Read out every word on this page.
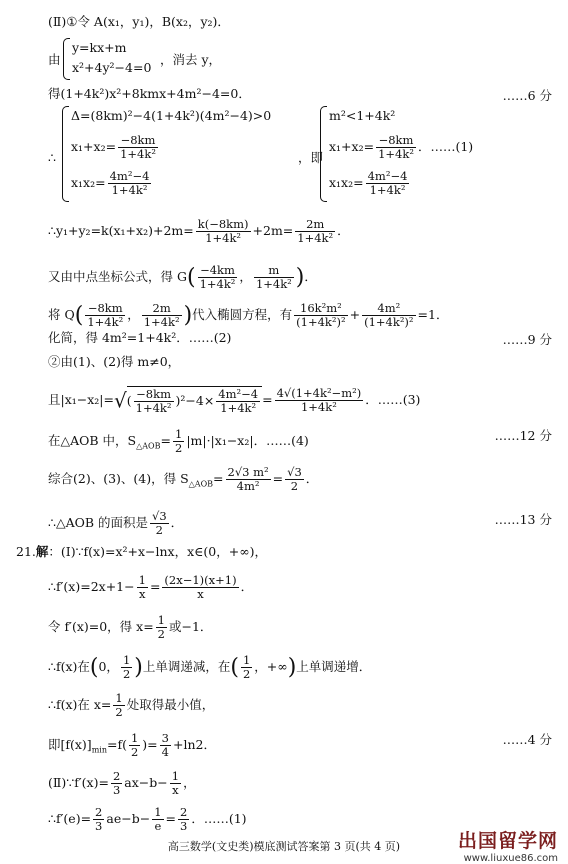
(Ⅱ)①令 A(x₁，y₁)，B(x₂，y₂)．
由
y=kx+m
x²+4y²−4=0
，消去 y，
得(1+4k²)x²+8kmx+4m²−4=0．	……6 分
∴
Δ=(8km)²−4(1+4k²)(4m²−4)>0
$x_1+x_2= \frac{-8km}{\text{1+4k²}}$
$x_1x_2= \frac{\text{4m²−4}}{\text{1+4k²}}$
，即
m²<1+4k²
$x_1+x_2= \frac{-8km}{\text{1+4k²}}$ ．……(1)
$x_1x_2= \frac{\text{4m²−4}}{\text{1+4k²}}$
∴y₁+y₂=k(x₁+x₂)+2m= $\frac{k(-8km)}{\text{1+4k²}} +2m= \frac{2m}{\text{1+4k²}}$ ．
又由中点坐标公式，得 $G( \frac{-4km}{\text{1+4k²}}$ ， $\frac{m}{\text{1+4k²}}$ )．
将 $Q( \frac{-8km}{\text{1+4k²}}$ ， $\frac{2m}{\text{1+4k²}}$ )代入椭圆方程，有 $\frac{\text{16k²m²}}{\text{(1+4k²)²}} + \frac{\text{4m²}}{\text{(1+4k²)²}} =1$．
化简，得 4m²=1+4k²．……(2)	……9 分
②由(1)、(2)得 m≠0，
且$|x_1-x_2|=√( \frac{-8km}{\text{1+4k²}} )^2-4\times \frac{\text{4m²−4}}{\text{1+4k²}} = \frac{\text{4√(1+4k²−m²)}}{\text{1+4k²}}$ ．……(3)
在△AOB 中，$S_{\triangle AOB}= \frac{1}{2} |m|\cdot|x_1-x_2|$．……(4)	……12 分
综合(2)、(3)、(4)，得 $S_{\triangle AOB}= \frac{\text{2√3 m²}}{\text{4m²}} = \frac{√3}{2}$ ．
∴△AOB 的面积是 $\frac{√3}{2}$ ．	……13 分
21.解：(Ⅰ)∵f(x)=x²+x−lnx，x∈(0，+∞)，
∴f′(x)=2x+1− $\frac{1}{x} = \frac{(2x-1)(x+1)}{x}$ ．
令 f′(x)=0，得 $x= \frac{1}{2}$ 或−1．
∴f(x)在(0， $\frac{1}{2}$ )上单调递减，在( $\frac{1}{2}$ ，+∞)上单调递增．
∴f(x)在 $x= \frac{1}{2}$ 处取得最小值，
即$[f(x)]_{min}=f( \frac{1}{2}$ )= $\frac{3}{4} +\ln 2$．	……4 分
(Ⅱ)∵f′(x)= $\frac{2}{3} ax-b- \frac{1}{x}$ ，
∴f′(e)= $\frac{2}{3} ae-b- \frac{1}{e} = \frac{2}{3}$ ．……(1)
高三数学(文史类)模底测试答案第 3 页(共 4 页)	出国留学网
www.liuxue86.com
